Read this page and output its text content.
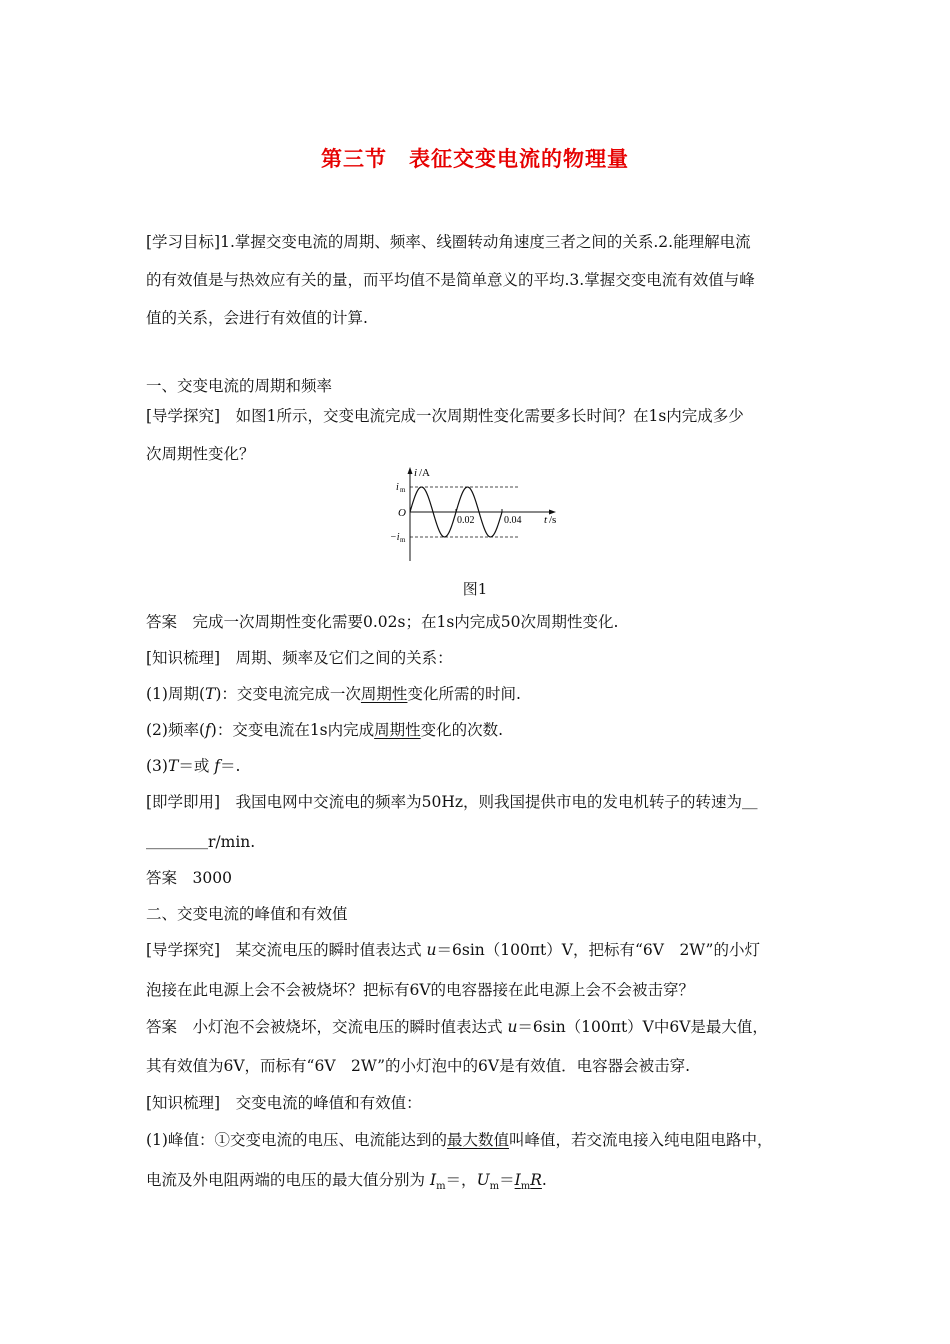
第三节　表征交变电流的物理量
[学习目标]1.掌握交变电流的周期、频率、线圈转动角速度三者之间的关系.2.能理解电流
的有效值是与热效应有关的量，而平均值不是简单意义的平均.3.掌握交变电流有效值与峰
值的关系，会进行有效值的计算.
一、交变电流的周期和频率
[导学探究]　如图1所示，交变电流完成一次周期性变化需要多长时间？在1s内完成多少
次周期性变化？
i /A
i m
O
−i m
0.02	0.04 t /s
图1
答案　完成一次周期性变化需要0.02s；在1s内完成50次周期性变化.
[知识梳理]　周期、频率及它们之间的关系：
(1)周期(T)：交变电流完成一次周期性变化所需的时间.
(2)频率(f)：交变电流在1s内完成周期性变化的次数.
(3)T＝或 f＝.
[即学即用]　我国电网中交流电的频率为50Hz，则我国提供市电的发电机转子的转速为＿
＿＿＿＿r/min.
答案　3000
二、交变电流的峰值和有效值
[导学探究]　某交流电压的瞬时值表达式 u＝6sin（100πt）V，把标有“6V　2W”的小灯
泡接在此电源上会不会被烧坏？把标有6V的电容器接在此电源上会不会被击穿？
答案　小灯泡不会被烧坏，交流电压的瞬时值表达式 u＝6sin（100πt）V中6V是最大值，
其有效值为6V，而标有“6V　2W”的小灯泡中的6V是有效值．电容器会被击穿.
[知识梳理]　交变电流的峰值和有效值：
(1)峰值：①交变电流的电压、电流能达到的最大数值叫峰值，若交流电接入纯电阻电路中，
电流及外电阻两端的电压的最大值分别为 $I_m=$，$U_m=I_mR$.
